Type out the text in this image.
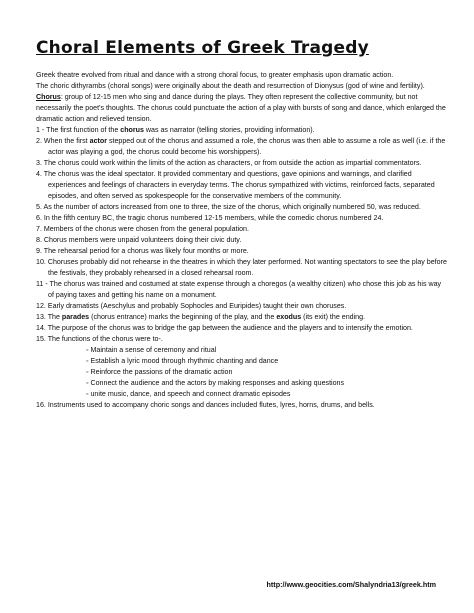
Choral Elements of Greek Tragedy

Greek theatre evolved from ritual and dance with a strong choral focus, to greater emphasis upon dramatic action.

The choric dithyrambs (choral songs) were originally about the death and resurrection of Dionysus (god of wine and fertility).

Chorus: group of 12-15 men who sing and dance during the plays. They often represent the collective community, but not necessarily the poet's thoughts. The chorus could punctuate the action of a play with bursts of song and dance, which enlarged the dramatic action and relieved tension.

1 - The first function of the chorus was as narrator (telling stories, providing information).

2. When the first actor stepped out of the chorus and assumed a role, the chorus was then able to assume a role as well (i.e. if the actor was playing a god, the chorus could become his worshippers).

3. The chorus could work within the limits of the action as characters, or from outside the action as impartial commentators.

4. The chorus was the ideal spectator. It provided commentary and questions, gave opinions and warnings, and clarified experiences and feelings of characters in everyday terms. The chorus sympathized with victims, reinforced facts, separated episodes, and often served as spokespeople for the conservative members of the community.

5. As the number of actors increased from one to three, the size of the chorus, which originally numbered 50, was reduced.

6. In the fifth century BC, the tragic chorus numbered 12-15 members, while the comedic chorus numbered 24.

7. Members of the chorus were chosen from the general population.

8. Chorus members were unpaid volunteers doing their civic duty.

9. The rehearsal period for a chorus was likely four months or more.

10. Choruses probably did not rehearse in the theatres in which they later performed. Not wanting spectators to see the play before the festivals, they probably rehearsed in a closed rehearsal room.

11 - The chorus was trained and costumed at state expense through a choregos (a wealthy citizen) who chose this job as his way of paying taxes and getting his name on a monument.

12. Early dramatists (Aeschylus and probably Sophocles and Euripides) taught their own choruses.

13. The parades (chorus entrance) marks the beginning of the play, and the exodus (its exit) the ending.

14. The purpose of the chorus was to bridge the gap between the audience and the players and to intensify the emotion.

15. The functions of the chorus were to-.

◦ Maintain a sense of ceremony and ritual

◦ Establish a lyric mood through rhythmic chanting and dance

◦ Reinforce the passions of the dramatic action

◦ Connect the audience and the actors by making responses and asking questions

◦ unite music, dance, and speech and connect dramatic episodes

16. Instruments used to accompany choric songs and dances included flutes, lyres, horns, drums, and bells.

http://www.geocities.com/Shalyndria13/greek.htm
